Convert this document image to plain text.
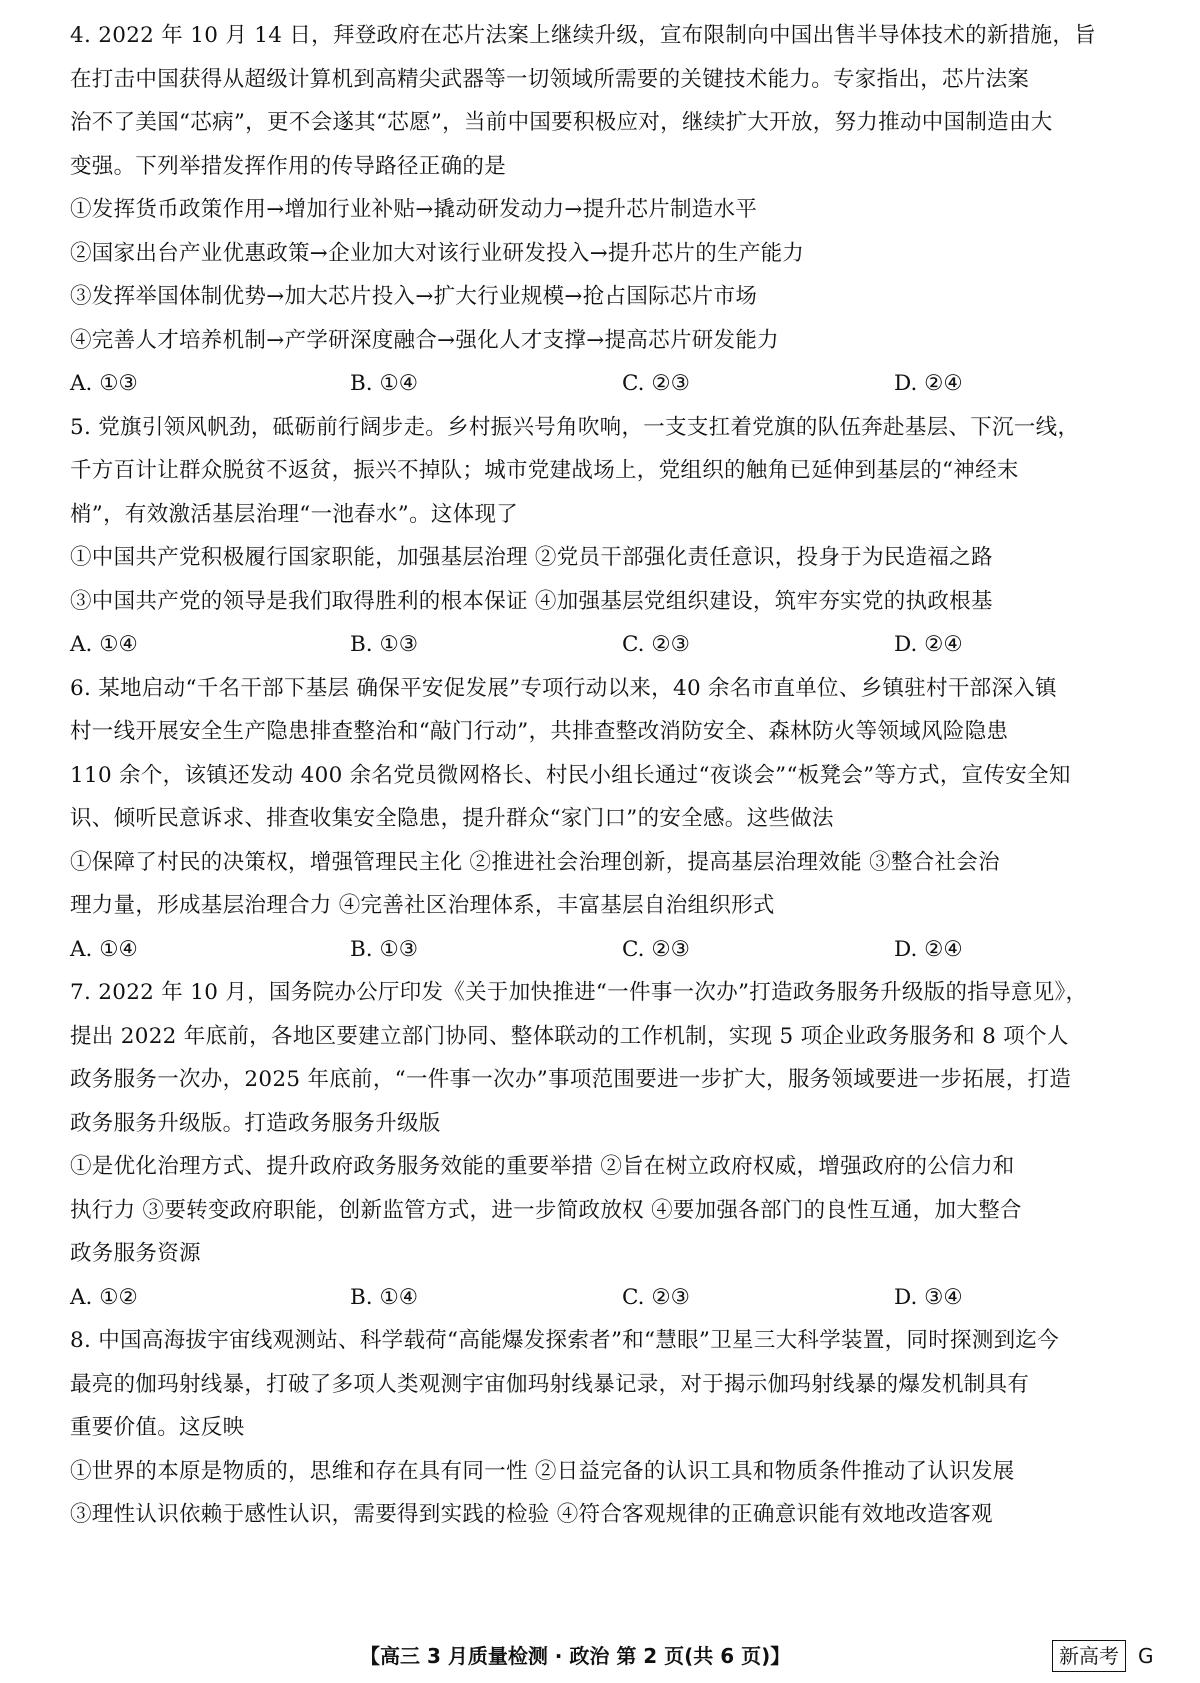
4. 2022 年 10 月 14 日，拜登政府在芯片法案上继续升级，宣布限制向中国出售半导体技术的新措施，旨
在打击中国获得从超级计算机到高精尖武器等一切领域所需要的关键技术能力。专家指出，芯片法案
治不了美国“芯病”，更不会遂其“芯愿”，当前中国要积极应对，继续扩大开放，努力推动中国制造由大
变强。下列举措发挥作用的传导路径正确的是
①发挥货币政策作用→增加行业补贴→撬动研发动力→提升芯片制造水平
②国家出台产业优惠政策→企业加大对该行业研发投入→提升芯片的生产能力
③发挥举国体制优势→加大芯片投入→扩大行业规模→抢占国际芯片市场
④完善人才培养机制→产学研深度融合→强化人才支撑→提高芯片研发能力
A. ①③	B. ①④	C. ②③	D. ②④
5. 党旗引领风帆劲，砥砺前行阔步走。乡村振兴号角吹响，一支支扛着党旗的队伍奔赴基层、下沉一线，
千方百计让群众脱贫不返贫，振兴不掉队；城市党建战场上，党组织的触角已延伸到基层的“神经末
梢”，有效激活基层治理“一池春水”。这体现了
①中国共产党积极履行国家职能，加强基层治理 ②党员干部强化责任意识，投身于为民造福之路
③中国共产党的领导是我们取得胜利的根本保证 ④加强基层党组织建设，筑牢夯实党的执政根基
A. ①④	B. ①③	C. ②③	D. ②④
6. 某地启动“千名干部下基层 确保平安促发展”专项行动以来，40 余名市直单位、乡镇驻村干部深入镇
村一线开展安全生产隐患排查整治和“敲门行动”，共排查整改消防安全、森林防火等领域风险隐患
110 余个，该镇还发动 400 余名党员微网格长、村民小组长通过“夜谈会”“板凳会”等方式，宣传安全知
识、倾听民意诉求、排查收集安全隐患，提升群众“家门口”的安全感。这些做法
①保障了村民的决策权，增强管理民主化 ②推进社会治理创新，提高基层治理效能 ③整合社会治
理力量，形成基层治理合力 ④完善社区治理体系，丰富基层自治组织形式
A. ①④	B. ①③	C. ②③	D. ②④
7. 2022 年 10 月，国务院办公厅印发《关于加快推进“一件事一次办”打造政务服务升级版的指导意见》，
提出 2022 年底前，各地区要建立部门协同、整体联动的工作机制，实现 5 项企业政务服务和 8 项个人
政务服务一次办，2025 年底前，“一件事一次办”事项范围要进一步扩大，服务领域要进一步拓展，打造
政务服务升级版。打造政务服务升级版
①是优化治理方式、提升政府政务服务效能的重要举措 ②旨在树立政府权威，增强政府的公信力和
执行力 ③要转变政府职能，创新监管方式，进一步简政放权 ④要加强各部门的良性互通，加大整合
政务服务资源
A. ①②	B. ①④	C. ②③	D. ③④
8. 中国高海拔宇宙线观测站、科学载荷“高能爆发探索者”和“慧眼”卫星三大科学装置，同时探测到迄今
最亮的伽玛射线暴，打破了多项人类观测宇宙伽玛射线暴记录，对于揭示伽玛射线暴的爆发机制具有
重要价值。这反映
①世界的本原是物质的，思维和存在具有同一性 ②日益完备的认识工具和物质条件推动了认识发展
③理性认识依赖于感性认识，需要得到实践的检验 ④符合客观规律的正确意识能有效地改造客观
【高三 3 月质量检测 · 政治 第 2 页(共 6 页)】	新高考 G
